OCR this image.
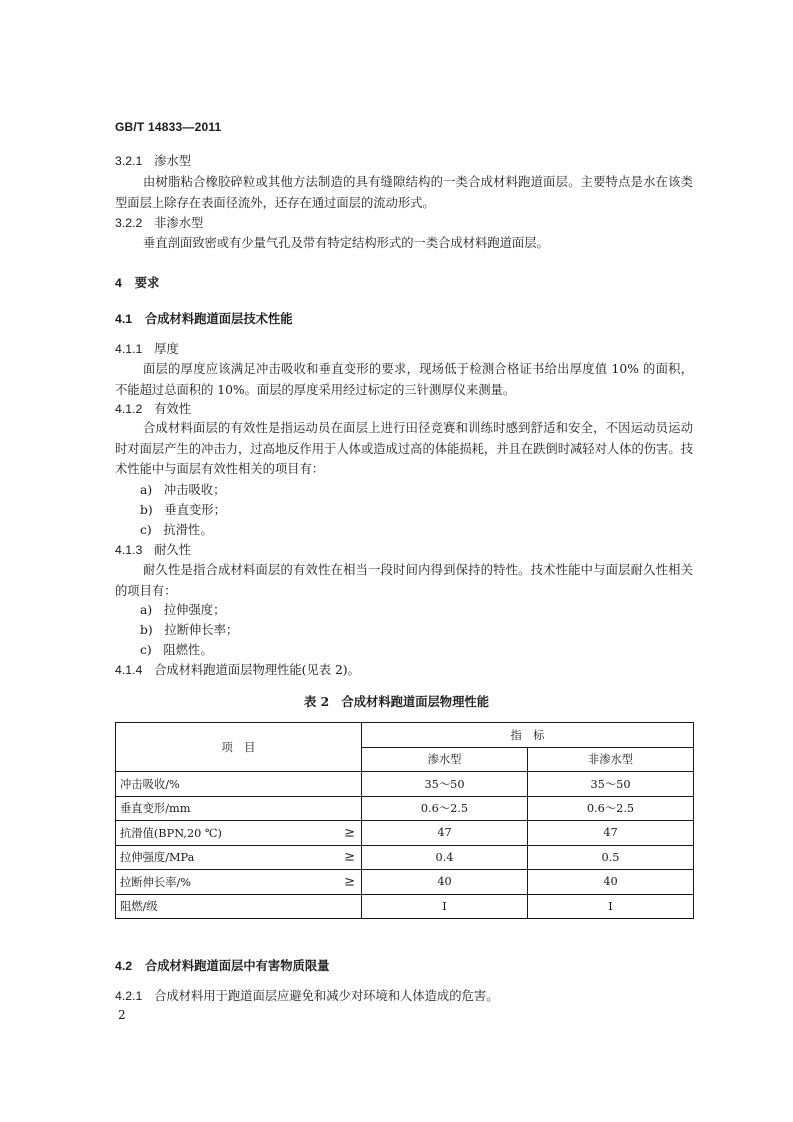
GB/T 14833—2011
3.2.1 渗水型
由树脂粘合橡胶碎粒或其他方法制造的具有缝隙结构的一类合成材料跑道面层。主要特点是水在该类型面层上除存在表面径流外，还存在通过面层的流动形式。
3.2.2 非渗水型
垂直剖面致密或有少量气孔及带有特定结构形式的一类合成材料跑道面层。
4 要求
4.1 合成材料跑道面层技术性能
4.1.1 厚度
面层的厚度应该满足冲击吸收和垂直变形的要求，现场低于检测合格证书给出厚度值 10% 的面积，不能超过总面积的 10%。面层的厚度采用经过标定的三针测厚仪来测量。
4.1.2 有效性
合成材料面层的有效性是指运动员在面层上进行田径竞赛和训练时感到舒适和安全，不因运动员运动时对面层产生的冲击力，过高地反作用于人体或造成过高的体能损耗，并且在跌倒时减轻对人体的伤害。技术性能中与面层有效性相关的项目有：
a) 冲击吸收；
b) 垂直变形；
c) 抗滑性。
4.1.3 耐久性
耐久性是指合成材料面层的有效性在相当一段时间内得到保持的特性。技术性能中与面层耐久性相关的项目有：
a) 拉伸强度；
b) 拉断伸长率；
c) 阻燃性。
4.1.4 合成材料跑道面层物理性能(见表 2)。
表 2　合成材料跑道面层物理性能
项　目	指　标	
	渗水型	非渗水型
冲击吸收/%	35～50	35～50
垂直变形/mm	0.6～2.5	0.6～2.5
抗滑值(BPN,20 ℃) ≥	47	47
拉伸强度/MPa ≥	0.4	0.5
拉断伸长率/% ≥	40	40
阻燃/级	Ⅰ	Ⅰ
4.2 合成材料跑道面层中有害物质限量
4.2.1 合成材料用于跑道面层应避免和减少对环境和人体造成的危害。
2
